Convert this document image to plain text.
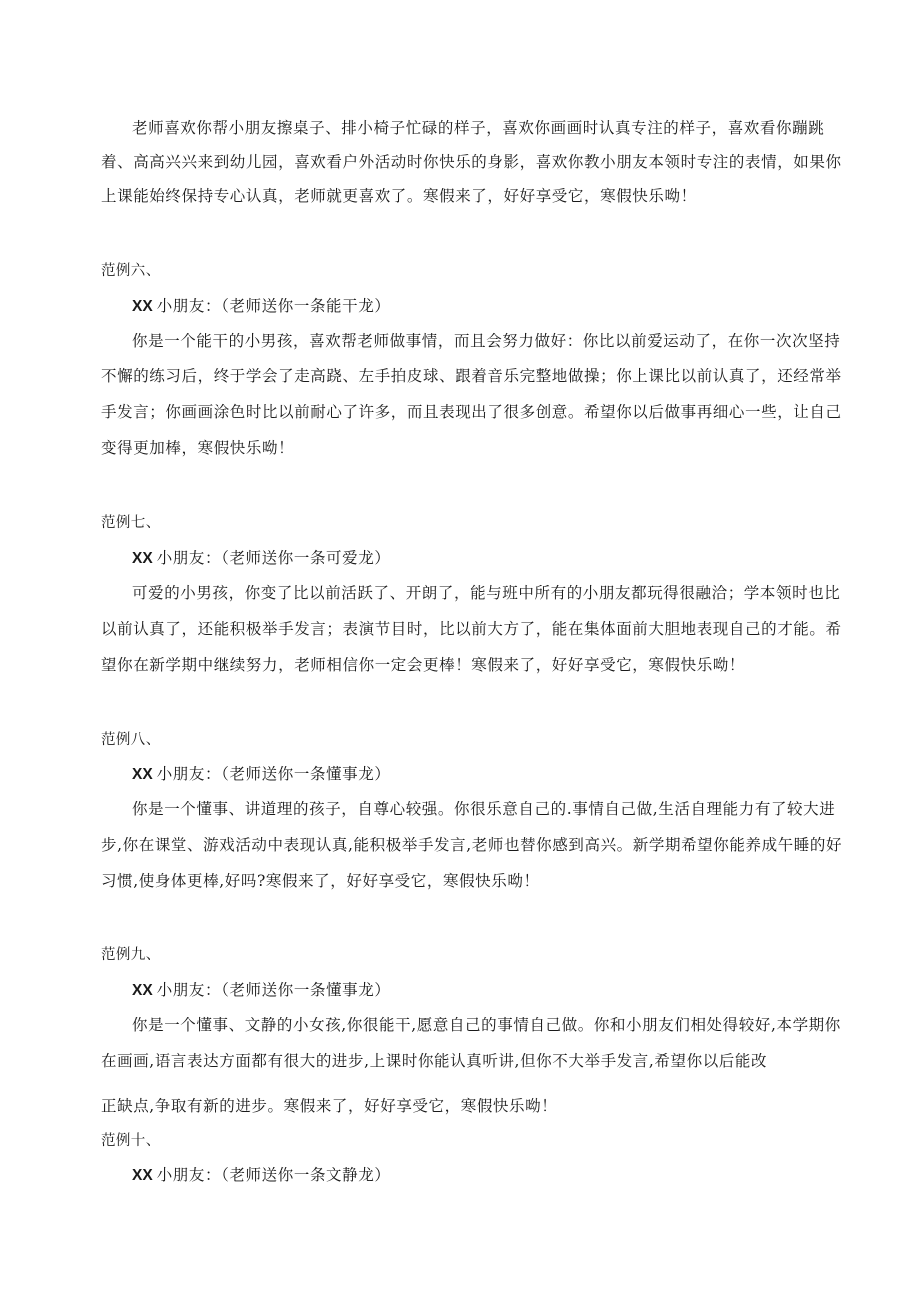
老师喜欢你帮小朋友擦桌子、排小椅子忙碌的样子，喜欢你画画时认真专注的样子，喜欢看你蹦跳
着、高高兴兴来到幼儿园，喜欢看户外活动时你快乐的身影，喜欢你教小朋友本领时专注的表情，如果你
上课能始终保持专心认真，老师就更喜欢了。寒假来了，好好享受它，寒假快乐呦！
范例六、
XX 小朋友：（老师送你一条能干龙）
你是一个能干的小男孩，喜欢帮老师做事情，而且会努力做好：你比以前爱运动了，在你一次次坚持
不懈的练习后，终于学会了走高跷、左手拍皮球、跟着音乐完整地做操；你上课比以前认真了，还经常举
手发言；你画画涂色时比以前耐心了许多，而且表现出了很多创意。希望你以后做事再细心一些，让自己
变得更加棒，寒假快乐呦！
范例七、
XX 小朋友：（老师送你一条可爱龙）
可爱的小男孩，你变了比以前活跃了、开朗了，能与班中所有的小朋友都玩得很融洽；学本领时也比
以前认真了，还能积极举手发言；表演节目时，比以前大方了，能在集体面前大胆地表现自己的才能。希
望你在新学期中继续努力，老师相信你一定会更棒！寒假来了，好好享受它，寒假快乐呦！
范例八、
XX 小朋友：（老师送你一条懂事龙）
你是一个懂事、讲道理的孩子，自尊心较强。你很乐意自己的.事情自己做,生活自理能力有了较大进
步,你在课堂、游戏活动中表现认真,能积极举手发言,老师也替你感到高兴。新学期希望你能养成午睡的好
习惯,使身体更棒,好吗?寒假来了，好好享受它，寒假快乐呦！
范例九、
XX 小朋友：（老师送你一条懂事龙）
你是一个懂事、文静的小女孩,你很能干,愿意自己的事情自己做。你和小朋友们相处得较好,本学期你
在画画,语言表达方面都有很大的进步,上课时你能认真听讲,但你不大举手发言,希望你以后能改
正缺点,争取有新的进步。寒假来了，好好享受它，寒假快乐呦！
范例十、
XX 小朋友：（老师送你一条文静龙）
